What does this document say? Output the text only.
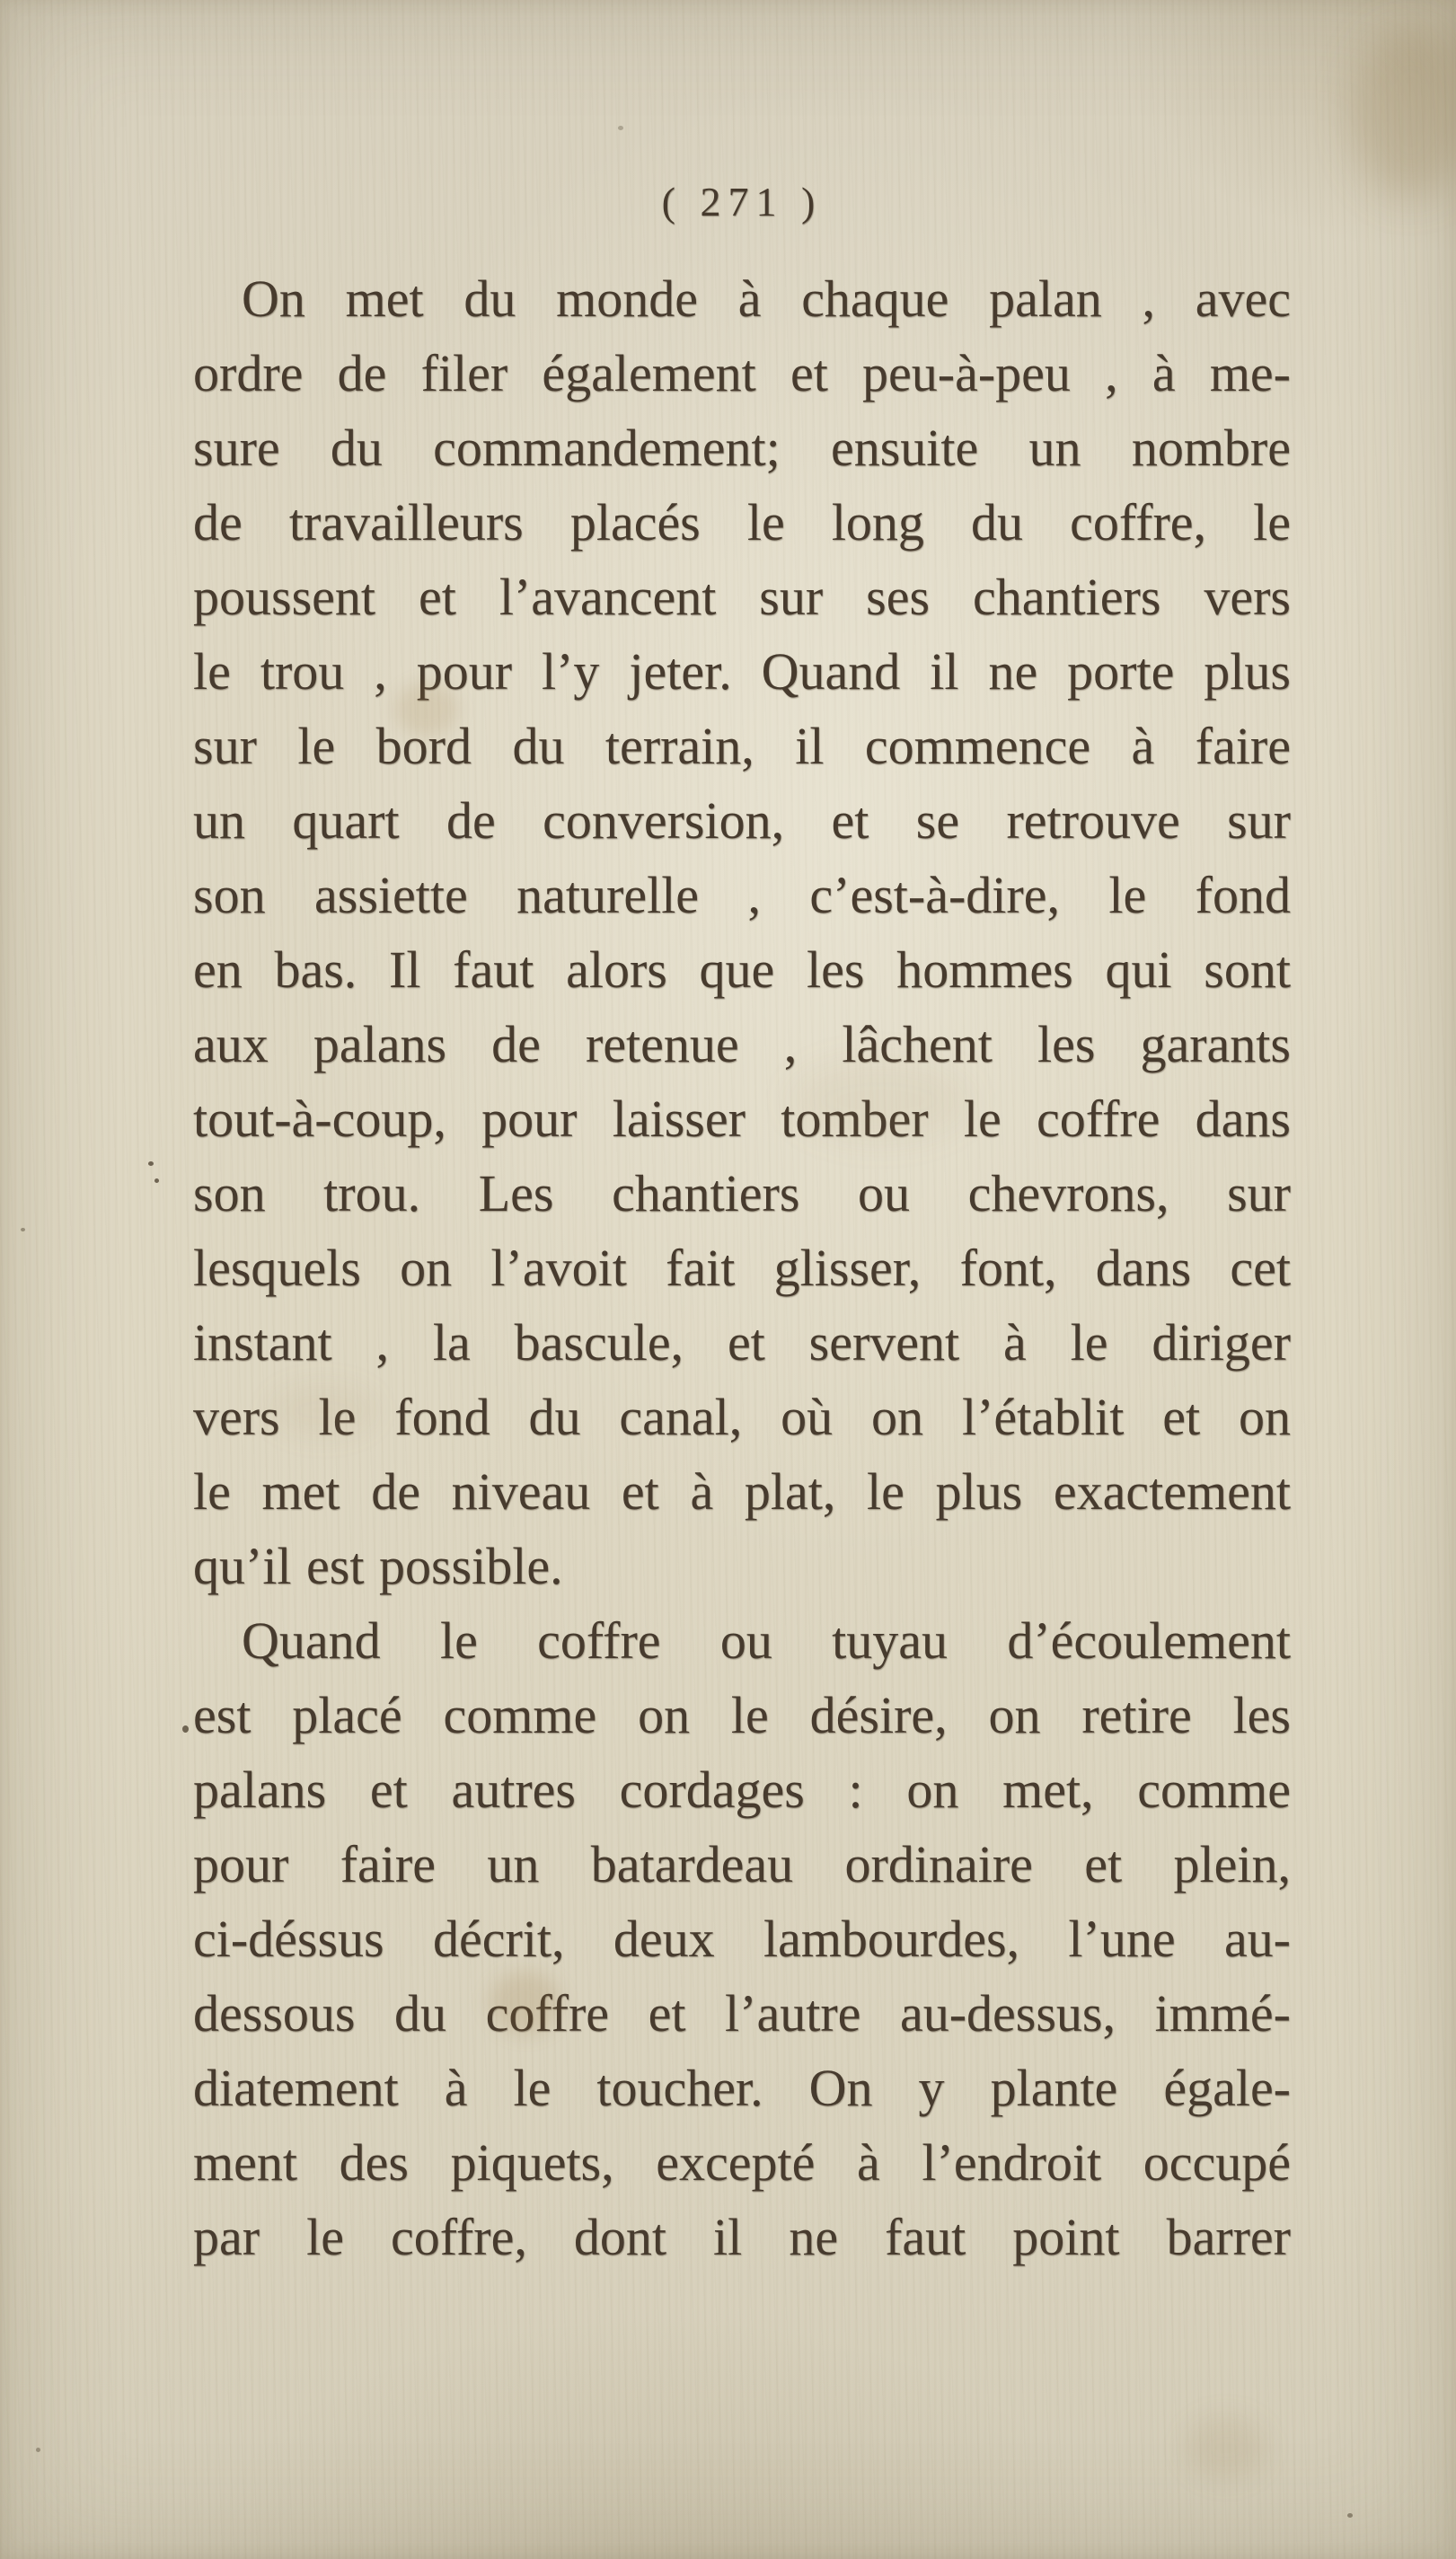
( 271 )
On met du monde à chaque palan , avec
ordre de filer également et peu-à-peu , à me-
sure du commandement; ensuite un nombre
de travailleurs placés le long du coffre, le
poussent et l’avancent sur ses chantiers vers
le trou , pour l’y jeter. Quand il ne porte plus
sur le bord du terrain, il commence à faire
un quart de conversion, et se retrouve sur
son assiette naturelle , c’est-à-dire, le fond
en bas. Il faut alors que les hommes qui sont
aux palans de retenue , lâchent les garants
tout-à-coup, pour laisser tomber le coffre dans
son trou. Les chantiers ou chevrons, sur
lesquels on l’avoit fait glisser, font, dans cet
instant , la bascule, et servent à le diriger
vers le fond du canal, où on l’établit et on
le met de niveau et à plat, le plus exactement
qu’il est possible.
Quand le coffre ou tuyau d’écoulement
est placé comme on le désire, on retire les
palans et autres cordages : on met, comme
pour faire un batardeau ordinaire et plein,
ci-déssus décrit, deux lambourdes, l’une au-
dessous du coffre et l’autre au-dessus, immé-
diatement à le toucher. On y plante égale-
ment des piquets, excepté à l’endroit occupé
par le coffre, dont il ne faut point barrer
